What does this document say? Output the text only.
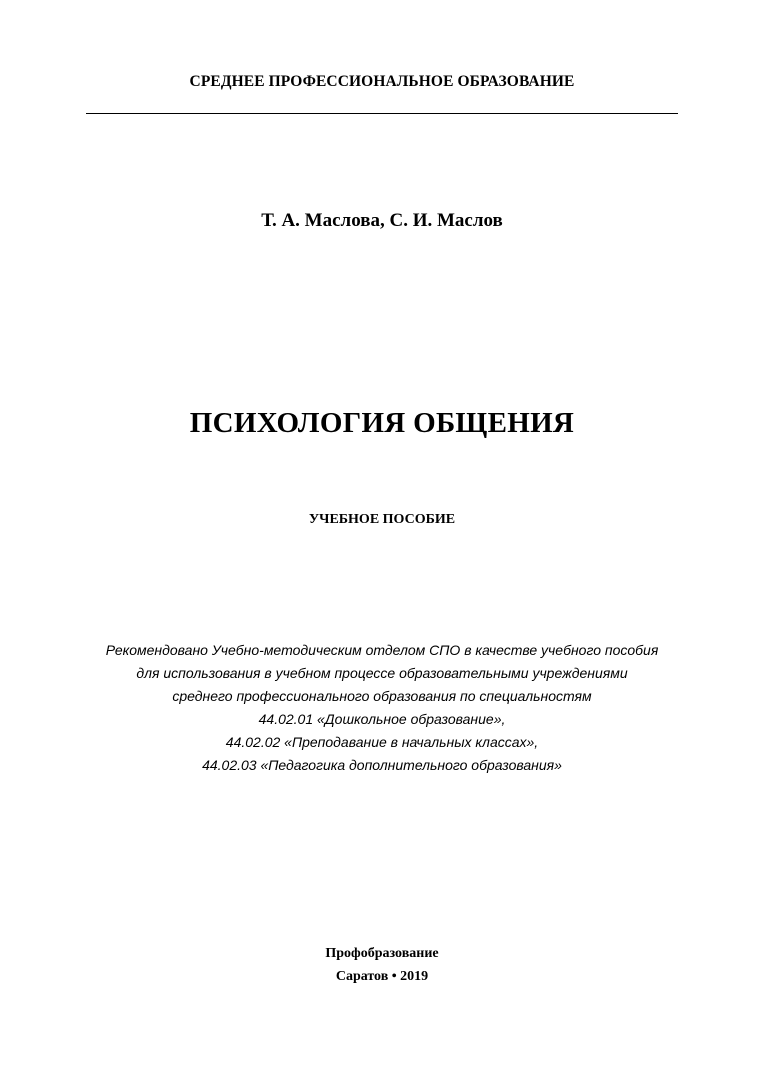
СРЕДНЕЕ ПРОФЕССИОНАЛЬНОЕ ОБРАЗОВАНИЕ
Т. А. Маслова, С. И. Маслов
ПСИХОЛОГИЯ ОБЩЕНИЯ
УЧЕБНОЕ ПОСОБИЕ
Рекомендовано Учебно-методическим отделом СПО в качестве учебного пособия
для использования в учебном процессе образовательными учреждениями
среднего профессионального образования по специальностям
44.02.01 «Дошкольное образование»,
44.02.02 «Преподавание в начальных классах»,
44.02.03 «Педагогика дополнительного образования»
Профобразование
Саратов • 2019
